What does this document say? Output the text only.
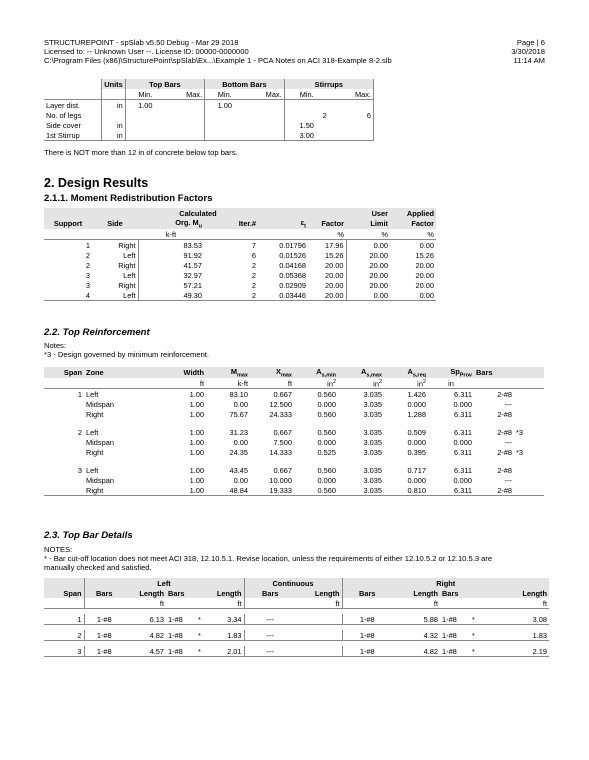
STRUCTUREPOINT - spSlab v5.50 Debug - Mar 29 2018
Licensed to: -- Unknown User --. License ID: 00000-0000000
C:\Program Files (x86)\StructurePoint\spSlab\Ex...\Example 1 - PCA Notes on ACI 318-Example 8-2.slb
Page | 6
3/30/2018
11:14 AM
	Units	Top Bars		Bottom Bars		Stirrups	
		Min.	Max.	Min.	Max.	Min.	Max.
Layer dist.	in	1.00		1.00			
No. of legs						2	6
Side cover	in					1.50	
1st Stirrup	in					3.00	
There is NOT more than 12 in of concrete below top bars.
2. Design Results
2.1.1. Moment Redistribution Factors
		Calculated				User	Applied
Support	Side	Org. $M_u$	Iter.#	$\varepsilon_t$	Factor	Limit	Factor
		k-ft			%	%	%
1	Right	83.53	7	0.01796	17.96	0.00	0.00
2	Left	91.92	6	0.01526	15.26	20.00	15.26
2	Right	41.57	2	0.04168	20.00	20.00	20.00
3	Left	32.97	2	0.05368	20.00	20.00	20.00
3	Right	57.21	2	0.02909	20.00	20.00	20.00
4	Left	49.30	2	0.03446	20.00	0.00	0.00
2.2. Top Reinforcement
Notes:
*3 - Design governed by minimum reinforcement.
Span	Zone	Width	$M_{max}$	$X_{max}$	$A_{s,min}$	$A_{s,max}$	$A_{s,req}$	$Sp_{Prov}$	Bars	
		ft	k-ft	ft	$in^2$	$in^2$	$in^2$	in		
1	Left	1.00	83.10	0.667	0.560	3.035	1.426	6.311	2-#8	
	Midspan	1.00	0.00	12.500	0.000	3.035	0.000	0.000	---	
	Right	1.00	75.67	24.333	0.560	3.035	1.288	6.311	2-#8	

2	Left	1.00	31.23	0.667	0.560	3.035	0.509	6.311	2-#8	*3
	Midspan	1.00	0.00	7.500	0.000	3.035	0.000	0.000	---	
	Right	1.00	24.35	14.333	0.525	3.035	0.395	6.311	2-#8	*3

3	Left	1.00	43.45	0.667	0.560	3.035	0.717	6.311	2-#8	
	Midspan	1.00	0.00	10.000	0.000	3.035	0.000	0.000	---	
	Right	1.00	48.84	19.333	0.560	3.035	0.810	6.311	2-#8	
2.3. Top Bar Details
NOTES:
* - Bar cut-off location does not meet ACI 318, 12.10.5.1. Revise location, unless the requirements of either 12.10.5.2 or 12.10.5.3 are
manually checked and satisfied.
	Left					Continuous		Right				
Span	Bars	Length	Bars		Length	Bars	Length	Bars	Length	Bars		Length
		ft			ft		ft		ft			ft

1	1-#8	6.13	1-#8	*	3.34	---		1-#8	5.88	1-#8	*	3.08

2	1-#8	4.82	1-#8	*	1.83	---		1-#8	4.32	1-#8	*	1.83

3	1-#8	4.57	1-#8	*	2.01	---		1-#8	4.82	1-#8	*	2.19
